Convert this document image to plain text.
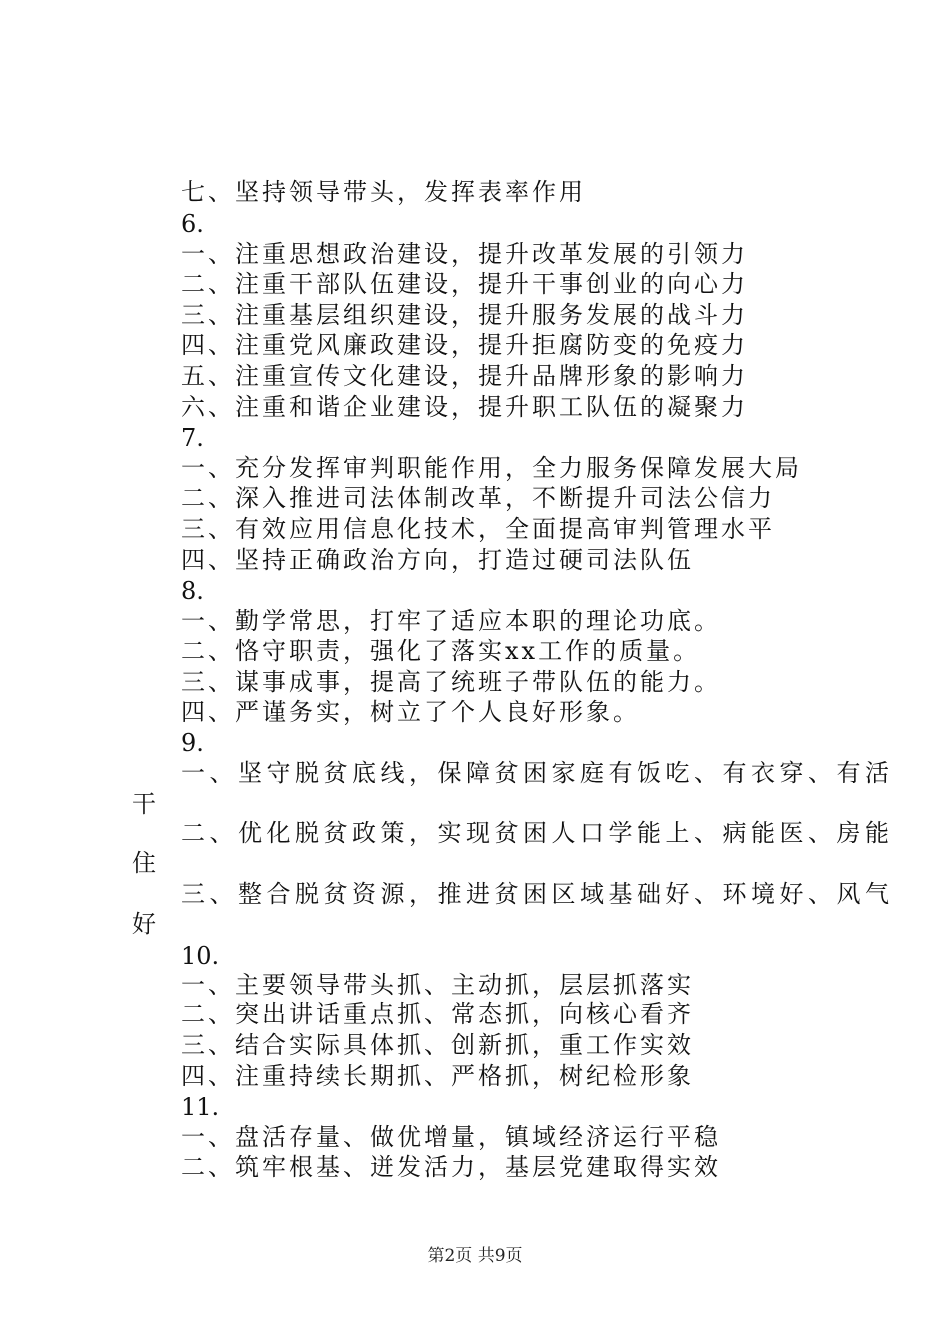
七、坚持领导带头，发挥表率作用
6.
一、注重思想政治建设，提升改革发展的引领力
二、注重干部队伍建设，提升干事创业的向心力
三、注重基层组织建设，提升服务发展的战斗力
四、注重党风廉政建设，提升拒腐防变的免疫力
五、注重宣传文化建设，提升品牌形象的影响力
六、注重和谐企业建设，提升职工队伍的凝聚力
7.
一、充分发挥审判职能作用，全力服务保障发展大局
二、深入推进司法体制改革，不断提升司法公信力
三、有效应用信息化技术，全面提高审判管理水平
四、坚持正确政治方向，打造过硬司法队伍
8.
一、勤学常思，打牢了适应本职的理论功底。
二、恪守职责，强化了落实xx工作的质量。
三、谋事成事，提高了统班子带队伍的能力。
四、严谨务实，树立了个人良好形象。
9.
一、坚守脱贫底线，保障贫困家庭有饭吃、有衣穿、有活
干
二、优化脱贫政策，实现贫困人口学能上、病能医、房能
住
三、整合脱贫资源，推进贫困区域基础好、环境好、风气
好
10.
一、主要领导带头抓、主动抓，层层抓落实
二、突出讲话重点抓、常态抓，向核心看齐
三、结合实际具体抓、创新抓，重工作实效
四、注重持续长期抓、严格抓，树纪检形象
11.
一、盘活存量、做优增量，镇域经济运行平稳
二、筑牢根基、迸发活力，基层党建取得实效
第2页 共9页
